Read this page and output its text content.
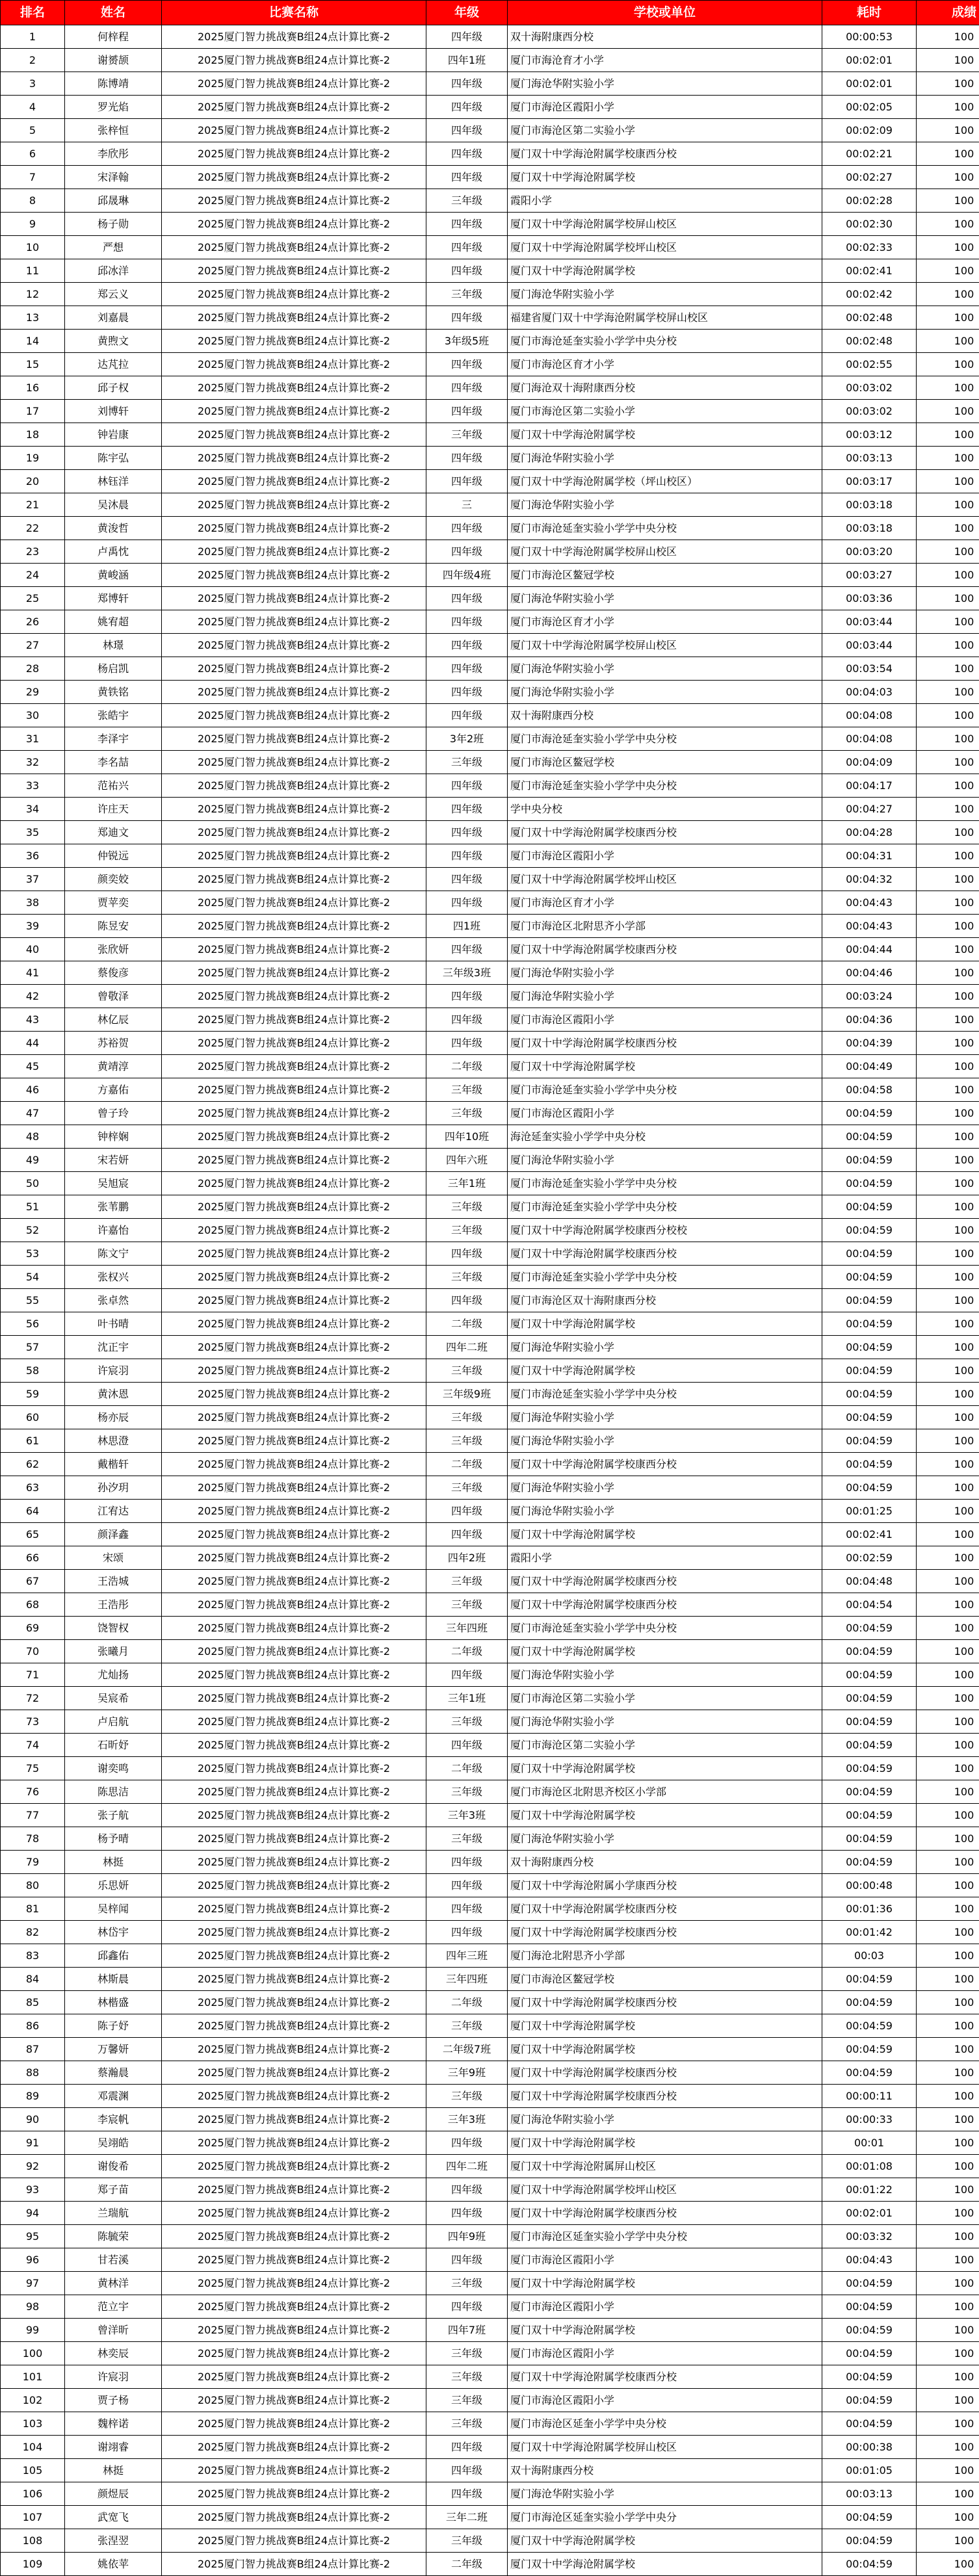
排名	姓名	比赛名称	年级	学校或单位	耗时	成绩
1	何梓程	2025厦门智力挑战赛B组24点计算比赛-2	四年级	双十海附康西分校	00:00:53	100
2	谢赟颉	2025厦门智力挑战赛B组24点计算比赛-2	四年1班	厦门市海沧育才小学	00:02:01	100
3	陈博靖	2025厦门智力挑战赛B组24点计算比赛-2	四年级	厦门海沧华附实验小学	00:02:01	100
4	罗光焰	2025厦门智力挑战赛B组24点计算比赛-2	四年级	厦门市海沧区霞阳小学	00:02:05	100
5	张梓恒	2025厦门智力挑战赛B组24点计算比赛-2	四年级	厦门市海沧区第二实验小学	00:02:09	100
6	李欣彤	2025厦门智力挑战赛B组24点计算比赛-2	四年级	厦门双十中学海沧附属学校康西分校	00:02:21	100
7	宋泽翰	2025厦门智力挑战赛B组24点计算比赛-2	四年级	厦门双十中学海沧附属学校	00:02:27	100
8	邱晟琳	2025厦门智力挑战赛B组24点计算比赛-2	三年级	霞阳小学	00:02:28	100
9	杨子勋	2025厦门智力挑战赛B组24点计算比赛-2	四年级	厦门双十中学海沧附属学校屏山校区	00:02:30	100
10	严想	2025厦门智力挑战赛B组24点计算比赛-2	四年级	厦门双十中学海沧附属学校坪山校区	00:02:33	100
11	邱冰洋	2025厦门智力挑战赛B组24点计算比赛-2	四年级	厦门双十中学海沧附属学校	00:02:41	100
12	郑云义	2025厦门智力挑战赛B组24点计算比赛-2	三年级	厦门海沧华附实验小学	00:02:42	100
13	刘嘉晨	2025厦门智力挑战赛B组24点计算比赛-2	四年级	福建省厦门双十中学海沧附属学校屏山校区	00:02:48	100
14	黄煦文	2025厦门智力挑战赛B组24点计算比赛-2	3年级5班	厦门市海沧延奎实验小学学中央分校	00:02:48	100
15	达芃拉	2025厦门智力挑战赛B组24点计算比赛-2	四年级	厦门市海沧区育才小学	00:02:55	100
16	邱子权	2025厦门智力挑战赛B组24点计算比赛-2	四年级	厦门海沧双十海附康西分校	00:03:02	100
17	刘博轩	2025厦门智力挑战赛B组24点计算比赛-2	四年级	厦门市海沧区第二实验小学	00:03:02	100
18	钟岩康	2025厦门智力挑战赛B组24点计算比赛-2	三年级	厦门双十中学海沧附属学校	00:03:12	100
19	陈宇弘	2025厦门智力挑战赛B组24点计算比赛-2	四年级	厦门海沧华附实验小学	00:03:13	100
20	林钰洋	2025厦门智力挑战赛B组24点计算比赛-2	四年级	厦门双十中学海沧附属学校（坪山校区）	00:03:17	100
21	吴沐晨	2025厦门智力挑战赛B组24点计算比赛-2	三	厦门海沧华附实验小学	00:03:18	100
22	黄浚哲	2025厦门智力挑战赛B组24点计算比赛-2	四年级	厦门市海沧延奎实验小学学中央分校	00:03:18	100
23	卢禹忱	2025厦门智力挑战赛B组24点计算比赛-2	四年级	厦门双十中学海沧附属学校屏山校区	00:03:20	100
24	黄峻涵	2025厦门智力挑战赛B组24点计算比赛-2	四年级4班	厦门市海沧区鳌冠学校	00:03:27	100
25	郑博轩	2025厦门智力挑战赛B组24点计算比赛-2	四年级	厦门海沧华附实验小学	00:03:36	100
26	姚宥超	2025厦门智力挑战赛B组24点计算比赛-2	四年级	厦门市海沧区育才小学	00:03:44	100
27	林璟	2025厦门智力挑战赛B组24点计算比赛-2	四年级	厦门双十中学海沧附属学校屏山校区	00:03:44	100
28	杨启凯	2025厦门智力挑战赛B组24点计算比赛-2	四年级	厦门海沧华附实验小学	00:03:54	100
29	黄铁铭	2025厦门智力挑战赛B组24点计算比赛-2	四年级	厦门海沧华附实验小学	00:04:03	100
30	张皓宇	2025厦门智力挑战赛B组24点计算比赛-2	四年级	双十海附康西分校	00:04:08	100
31	李泽宇	2025厦门智力挑战赛B组24点计算比赛-2	3年2班	厦门市海沧延奎实验小学学中央分校	00:04:08	100
32	李名喆	2025厦门智力挑战赛B组24点计算比赛-2	三年级	厦门市海沧区鳌冠学校	00:04:09	100
33	范祐兴	2025厦门智力挑战赛B组24点计算比赛-2	四年级	厦门市海沧延奎实验小学学中央分校	00:04:17	100
34	许庄天	2025厦门智力挑战赛B组24点计算比赛-2	四年级	学中央分校	00:04:27	100
35	郑迪文	2025厦门智力挑战赛B组24点计算比赛-2	四年级	厦门双十中学海沧附属学校康西分校	00:04:28	100
36	仲锐远	2025厦门智力挑战赛B组24点计算比赛-2	四年级	厦门市海沧区霞阳小学	00:04:31	100
37	颜奕姣	2025厦门智力挑战赛B组24点计算比赛-2	四年级	厦门双十中学海沧附属学校坪山校区	00:04:32	100
38	贾苹奕	2025厦门智力挑战赛B组24点计算比赛-2	四年级	厦门市海沧区育才小学	00:04:43	100
39	陈昱安	2025厦门智力挑战赛B组24点计算比赛-2	四1班	厦门市海沧区北附思齐小学部	00:04:43	100
40	张欣妍	2025厦门智力挑战赛B组24点计算比赛-2	四年级	厦门双十中学海沧附属学校康西分校	00:04:44	100
41	蔡俊彦	2025厦门智力挑战赛B组24点计算比赛-2	三年级3班	厦门海沧华附实验小学	00:04:46	100
42	曾敬泽	2025厦门智力挑战赛B组24点计算比赛-2	四年级	厦门海沧华附实验小学	00:03:24	100
43	林亿辰	2025厦门智力挑战赛B组24点计算比赛-2	四年级	厦门市海沧区霞阳小学	00:04:36	100
44	苏裕贺	2025厦门智力挑战赛B组24点计算比赛-2	四年级	厦门双十中学海沧附属学校康西分校	00:04:39	100
45	黄靖淳	2025厦门智力挑战赛B组24点计算比赛-2	二年级	厦门双十中学海沧附属学校	00:04:49	100
46	方嘉佑	2025厦门智力挑战赛B组24点计算比赛-2	三年级	厦门市海沧延奎实验小学学中央分校	00:04:58	100
47	曾子玲	2025厦门智力挑战赛B组24点计算比赛-2	三年级	厦门市海沧区霞阳小学	00:04:59	100
48	钟梓娴	2025厦门智力挑战赛B组24点计算比赛-2	四年10班	海沧延奎实验小学学中央分校	00:04:59	100
49	宋若妍	2025厦门智力挑战赛B组24点计算比赛-2	四年六班	厦门海沧华附实验小学	00:04:59	100
50	吴旭宸	2025厦门智力挑战赛B组24点计算比赛-2	三年1班	厦门市海沧延奎实验小学学中央分校	00:04:59	100
51	张苇鹏	2025厦门智力挑战赛B组24点计算比赛-2	三年级	厦门市海沧延奎实验小学学中央分校	00:04:59	100
52	许嘉怡	2025厦门智力挑战赛B组24点计算比赛-2	三年级	厦门双十中学海沧附属学校康西分校校	00:04:59	100
53	陈文宁	2025厦门智力挑战赛B组24点计算比赛-2	四年级	厦门双十中学海沧附属学校康西分校	00:04:59	100
54	张权兴	2025厦门智力挑战赛B组24点计算比赛-2	三年级	厦门市海沧延奎实验小学学中央分校	00:04:59	100
55	张卓然	2025厦门智力挑战赛B组24点计算比赛-2	四年级	厦门市海沧区双十海附康西分校	00:04:59	100
56	叶书晴	2025厦门智力挑战赛B组24点计算比赛-2	二年级	厦门双十中学海沧附属学校	00:04:59	100
57	沈正宇	2025厦门智力挑战赛B组24点计算比赛-2	四年二班	厦门海沧华附实验小学	00:04:59	100
58	许宸羽	2025厦门智力挑战赛B组24点计算比赛-2	三年级	厦门双十中学海沧附属学校	00:04:59	100
59	黄沐恩	2025厦门智力挑战赛B组24点计算比赛-2	三年级9班	厦门市海沧延奎实验小学学中央分校	00:04:59	100
60	杨亦辰	2025厦门智力挑战赛B组24点计算比赛-2	三年级	厦门海沧华附实验小学	00:04:59	100
61	林思澄	2025厦门智力挑战赛B组24点计算比赛-2	三年级	厦门海沧华附实验小学	00:04:59	100
62	戴楷轩	2025厦门智力挑战赛B组24点计算比赛-2	二年级	厦门双十中学海沧附属学校康西分校	00:04:59	100
63	孙汐玥	2025厦门智力挑战赛B组24点计算比赛-2	三年级	厦门海沧华附实验小学	00:04:59	100
64	江宥达	2025厦门智力挑战赛B组24点计算比赛-2	四年级	厦门海沧华附实验小学	00:01:25	100
65	颜泽鑫	2025厦门智力挑战赛B组24点计算比赛-2	四年级	厦门双十中学海沧附属学校	00:02:41	100
66	宋颂	2025厦门智力挑战赛B组24点计算比赛-2	四年2班	霞阳小学	00:02:59	100
67	王浩城	2025厦门智力挑战赛B组24点计算比赛-2	三年级	厦门双十中学海沧附属学校康西分校	00:04:48	100
68	王浩彤	2025厦门智力挑战赛B组24点计算比赛-2	三年级	厦门双十中学海沧附属学校康西分校	00:04:54	100
69	饶智权	2025厦门智力挑战赛B组24点计算比赛-2	三年四班	厦门市海沧延奎实验小学学中央分校	00:04:59	100
70	张曦月	2025厦门智力挑战赛B组24点计算比赛-2	二年级	厦门双十中学海沧附属学校	00:04:59	100
71	尤灿扬	2025厦门智力挑战赛B组24点计算比赛-2	四年级	厦门海沧华附实验小学	00:04:59	100
72	吴宸希	2025厦门智力挑战赛B组24点计算比赛-2	三年1班	厦门市海沧区第二实验小学	00:04:59	100
73	卢启航	2025厦门智力挑战赛B组24点计算比赛-2	三年级	厦门海沧华附实验小学	00:04:59	100
74	石昕妤	2025厦门智力挑战赛B组24点计算比赛-2	四年级	厦门市海沧区第二实验小学	00:04:59	100
75	谢奕鸣	2025厦门智力挑战赛B组24点计算比赛-2	二年级	厦门双十中学海沧附属学校	00:04:59	100
76	陈思洁	2025厦门智力挑战赛B组24点计算比赛-2	三年级	厦门市海沧区北附思齐校区小学部	00:04:59	100
77	张子航	2025厦门智力挑战赛B组24点计算比赛-2	三年3班	厦门双十中学海沧附属学校	00:04:59	100
78	杨予晴	2025厦门智力挑战赛B组24点计算比赛-2	三年级	厦门海沧华附实验小学	00:04:59	100
79	林挺	2025厦门智力挑战赛B组24点计算比赛-2	四年级	双十海附康西分校	00:04:59	100
80	乐思妍	2025厦门智力挑战赛B组24点计算比赛-2	四年级	厦门双十中学海沧附属小学康西分校	00:00:48	100
81	吴梓闻	2025厦门智力挑战赛B组24点计算比赛-2	四年级	厦门双十中学海沧附属学校康西分校	00:01:36	100
82	林岱宇	2025厦门智力挑战赛B组24点计算比赛-2	四年级	厦门双十中学海沧附属学校康西分校	00:01:42	100
83	邱鑫佑	2025厦门智力挑战赛B组24点计算比赛-2	四年三班	厦门海沧北附思齐小学部	00:03	100
84	林斯晨	2025厦门智力挑战赛B组24点计算比赛-2	三年四班	厦门市海沧区鳌冠学校	00:04:59	100
85	林楷盛	2025厦门智力挑战赛B组24点计算比赛-2	二年级	厦门双十中学海沧附属学校康西分校	00:04:59	100
86	陈子妤	2025厦门智力挑战赛B组24点计算比赛-2	三年级	厦门双十中学海沧附属学校	00:04:59	100
87	万馨妍	2025厦门智力挑战赛B组24点计算比赛-2	二年级7班	厦门双十中学海沧附属学校	00:04:59	100
88	蔡瀚晨	2025厦门智力挑战赛B组24点计算比赛-2	三年9班	厦门双十中学海沧附属学校康西分校	00:04:59	100
89	邓震渊	2025厦门智力挑战赛B组24点计算比赛-2	三年级	厦门双十中学海沧附属学校康西分校	00:00:11	100
90	李宸帆	2025厦门智力挑战赛B组24点计算比赛-2	三年3班	厦门海沧华附实验小学	00:00:33	100
91	吴翊皓	2025厦门智力挑战赛B组24点计算比赛-2	四年级	厦门双十中学海沧附属学校	00:01	100
92	谢俊希	2025厦门智力挑战赛B组24点计算比赛-2	四年二班	厦门双十中学海沧附属屏山校区	00:01:08	100
93	郑子苗	2025厦门智力挑战赛B组24点计算比赛-2	四年级	厦门双十中学海沧附属学校坪山校区	00:01:22	100
94	兰瑞航	2025厦门智力挑战赛B组24点计算比赛-2	四年级	厦门双十中学海沧附属学校康西分校	00:02:01	100
95	陈毓荣	2025厦门智力挑战赛B组24点计算比赛-2	四年9班	厦门市海沧区延奎实验小学学中央分校	00:03:32	100
96	甘若溪	2025厦门智力挑战赛B组24点计算比赛-2	四年级	厦门市海沧区霞阳小学	00:04:43	100
97	黄林洋	2025厦门智力挑战赛B组24点计算比赛-2	三年级	厦门双十中学海沧附属学校	00:04:59	100
98	范立宇	2025厦门智力挑战赛B组24点计算比赛-2	四年级	厦门市海沧区霞阳小学	00:04:59	100
99	曾洋昕	2025厦门智力挑战赛B组24点计算比赛-2	四年7班	厦门双十中学海沧附属学校	00:04:59	100
100	林奕辰	2025厦门智力挑战赛B组24点计算比赛-2	三年级	厦门市海沧区霞阳小学	00:04:59	100
101	许宸羽	2025厦门智力挑战赛B组24点计算比赛-2	三年级	厦门双十中学海沧附属学校康西分校	00:04:59	100
102	贾子杨	2025厦门智力挑战赛B组24点计算比赛-2	三年级	厦门市海沧区霞阳小学	00:04:59	100
103	魏梓诺	2025厦门智力挑战赛B组24点计算比赛-2	三年级	厦门市海沧区延奎小学学中央分校	00:04:59	100
104	谢翊睿	2025厦门智力挑战赛B组24点计算比赛-2	四年级	厦门双十中学海沧附属学校屏山校区	00:00:38	100
105	林挺	2025厦门智力挑战赛B组24点计算比赛-2	四年级	双十海附康西分校	00:01:05	100
106	颜煜辰	2025厦门智力挑战赛B组24点计算比赛-2	四年级	厦门海沧华附实验小学	00:03:13	100
107	武宽飞	2025厦门智力挑战赛B组24点计算比赛-2	三年二班	厦门市海沧区延奎实验小学学中央分	00:04:59	100
108	张涅翌	2025厦门智力挑战赛B组24点计算比赛-2	三年级	厦门双十中学海沧附属学校	00:04:59	100
109	姚依苹	2025厦门智力挑战赛B组24点计算比赛-2	二年级	厦门双十中学海沧附属学校	00:04:59	100
